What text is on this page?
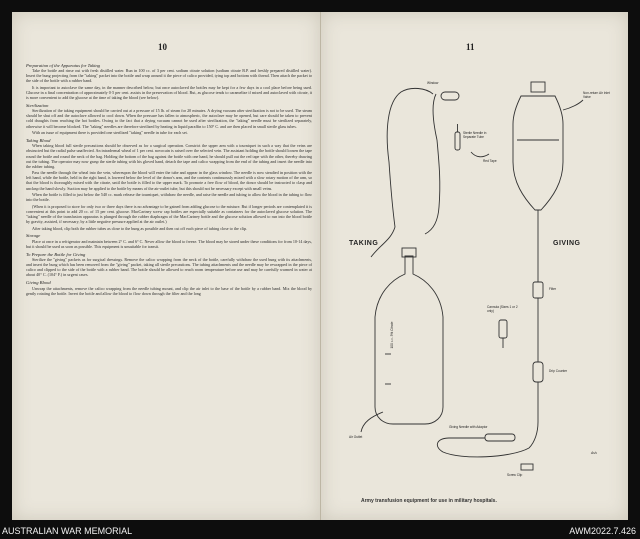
10
Preparation of the Apparatus for Taking

Take the bottle and rinse out with fresh distilled water. Run in 100 cc. of 3 per cent. sodium citrate solution (sodium citrate B.P. and freshly prepared distilled water). Insert the bung projecting from the "taking" packet into the bottle and wrap around it the piece of calico provided, tying top and bottom with thread. Then attach the packet to the side of the bottle with a rubber band.

It is important to autoclave the same day, in the manner described below, but once autoclaved the bottles may be kept for a few days in a cool place before being used. Glucose in a final concentration of approximately 0·5 per cent. assists in the preservation of blood. But, as glucose tends to caramelize if mixed and autoclaved with citrate, it is more convenient to add the glucose at the time of taking the blood (see below).

Sterilization

Sterilization of the taking equipment should be carried out at a pressure of 15 lb. of steam for 20 minutes. A drying vacuum after sterilization is not to be used. The steam should be shut off and the autoclave allowed to cool down. When the pressure has fallen to atmospheric, the autoclave may be opened, but care should be taken to prevent cold draughts from reaching the hot bottles. Owing to the fact that a drying vacuum cannot be used after sterilization, the "taking" needle must be sterilized separately, otherwise it will become blocked. The "taking" needles are therefore sterilized by heating in liquid paraffin to 150° C. and are then placed in small sterile glass tubes.

With an issue of equipment there is provided one sterilized "taking" needle in tube for each set.

Taking Blood

When taking blood full sterile precautions should be observed as for a surgical operation. Constrict the upper arm with a tourniquet in such a way that the veins are obstructed but the radial pulse unaffected. An intradermal wheal of 1 per cent. novocain is raised over the selected vein. The assistant holding the bottle should loosen the tape round the bottle and round the neck of the bag. Holding the bottom of the bag against the bottle with one hand, he should pull out the red tape with the other, thereby drawing out the tubing. The operator may now grasp the sterile tubing with his gloved hand, detach the tape and calico wrapping from the end of the tubing and insert the needle into the rubber tubing.

Pass the needle through the wheal into the vein, whereupon the blood will enter the tube and appear in the glass window. The needle is now steadied in position with the left hand, while the bottle, held in the right hand, is lowered below the level of the donor's arm, and the contents continuously mixed with a slow rotary motion of the arm, so that the blood is thoroughly mixed with the citrate, until the bottle is filled to the upper mark. To promote a free flow of blood, the donor should be instructed to clasp and unclasp the hand slowly. Suction may be applied to the bottle by means of the air-outlet tube, but this should not be necessary except with small veins.

When the bottle is filled to just below the 540 cc. mark release the tourniquet, withdraw the needle, and raise the needle and tubing to allow the blood in the tubing to flow into the bottle.

(When it is proposed to store for only two or three days there is no advantage to be gained from adding glucose to the mixture. But if longer periods are contemplated it is convenient at this point to add 20 cc. of 15 per cent. glucose. MacCartney screw cap bottles are especially suitable as containers for the autoclaved glucose solution. The "taking" needle of the transfusion apparatus is plunged through the rubber diaphragm of the MacCartney bottle and the glucose solution allowed to run into the blood bottle by gravity, assisted, if necessary, by a little negative pressure applied at the air outlet.)

After taking blood, clip both the rubber tubes as close to the bung as possible and then cut off each piece of tubing close to the clip.

Storage

Place at once in a refrigerator and maintain between 2° C. and 6° C. Never allow the blood to freeze. The blood may be stored under these conditions for from 10-14 days, but it should be used as soon as possible. This equipment is unsuitable for transit.

To Prepare the Bottle for Giving

Sterilize the "giving" packets as for surgical dressings. Remove the calico wrapping from the neck of the bottle, carefully withdraw the used bung with its attachments, and insert the bung which has been removed from the "giving" packet, taking all sterile precautions. The tubing attachments and the needle may be rewrapped in the piece of calico and clipped to the side of the bottle with a rubber band. The bottle should be allowed to reach room temperature before use and may be carefully warmed in water at about 40° C. (104° F.) in urgent cases.

Giving Blood

Unwrap the attachments, remove the calico wrapping from the needle tubing mount, and clip the air inlet to the base of the bottle by a rubber band. Mix the blood by gently rotating the bottle. Invert the bottle and allow the blood to flow down through the filter and the long

11
Window
Sterile Needle in Separate Tube
Red Tape
TAKING
100 c.c. 3% Citrate
Air Outlet
Non-return Air Inlet Valve
GIVING
Filter
Cannula (Sizes 1 or 2 only)
Drip Counter
Giving Needle with Adaptor
Screw Clip
Ash.
Army transfusion equipment for use in military hospitals.
AUSTRALIAN WAR MEMORIAL	AWM2022.7.426
